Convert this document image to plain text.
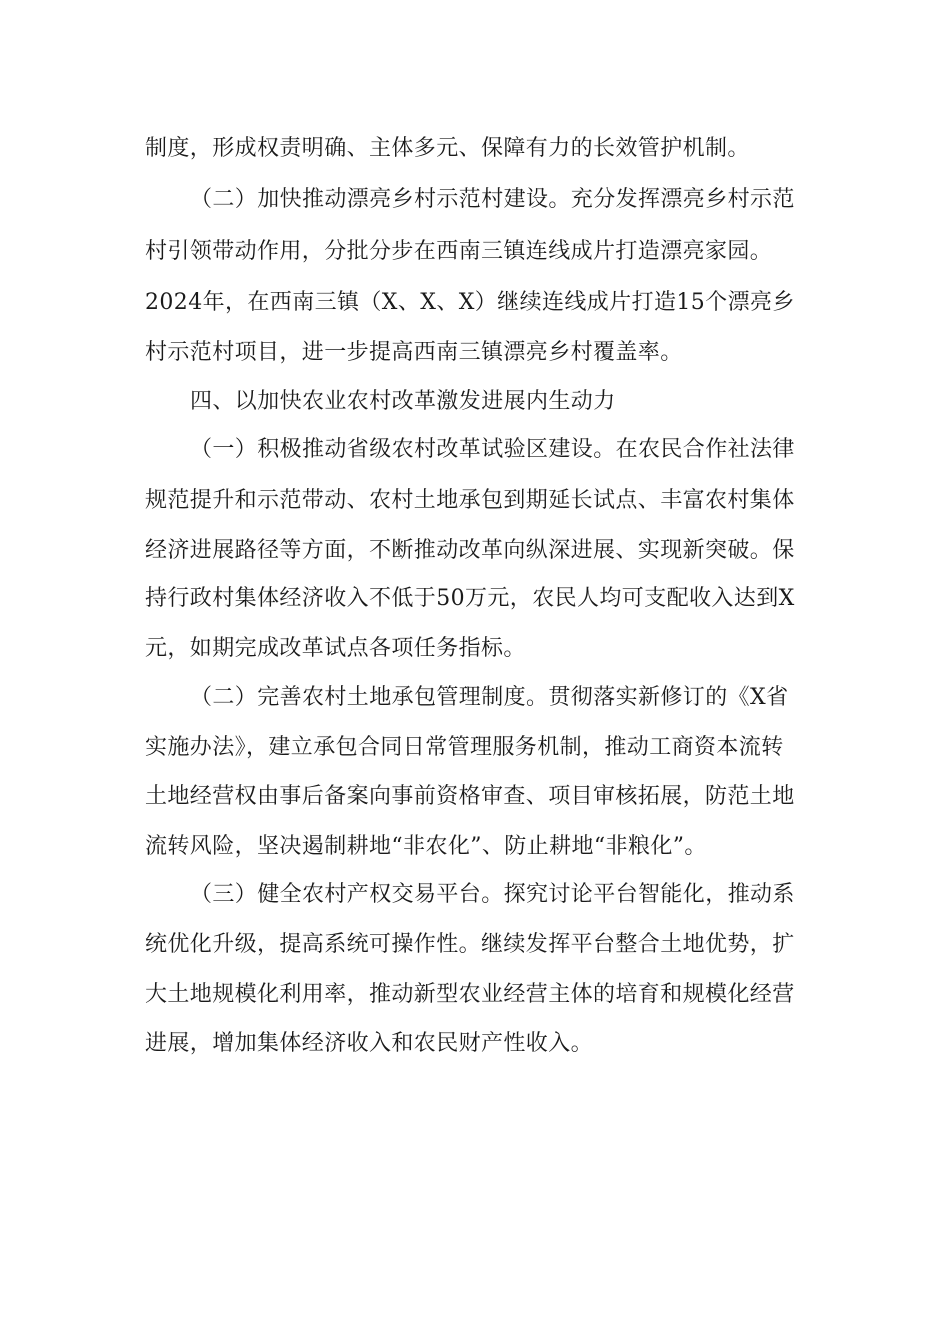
制度，形成权责明确、主体多元、保障有力的长效管护机制。
（二）加快推动漂亮乡村示范村建设。充分发挥漂亮乡村示范
村引领带动作用，分批分步在西南三镇连线成片打造漂亮家园。
2024年，在西南三镇（X、X、X）继续连线成片打造15个漂亮乡
村示范村项目，进一步提高西南三镇漂亮乡村覆盖率。
四、以加快农业农村改革激发进展内生动力
（一）积极推动省级农村改革试验区建设。在农民合作社法律
规范提升和示范带动、农村土地承包到期延长试点、丰富农村集体
经济进展路径等方面，不断推动改革向纵深进展、实现新突破。保
持行政村集体经济收入不低于50万元，农民人均可支配收入达到X
元，如期完成改革试点各项任务指标。
（二）完善农村土地承包管理制度。贯彻落实新修订的《X省
实施办法》，建立承包合同日常管理服务机制，推动工商资本流转
土地经营权由事后备案向事前资格审查、项目审核拓展，防范土地
流转风险，坚决遏制耕地“非农化”、防止耕地“非粮化”。
（三）健全农村产权交易平台。探究讨论平台智能化，推动系
统优化升级，提高系统可操作性。继续发挥平台整合土地优势，扩
大土地规模化利用率，推动新型农业经营主体的培育和规模化经营
进展，增加集体经济收入和农民财产性收入。
